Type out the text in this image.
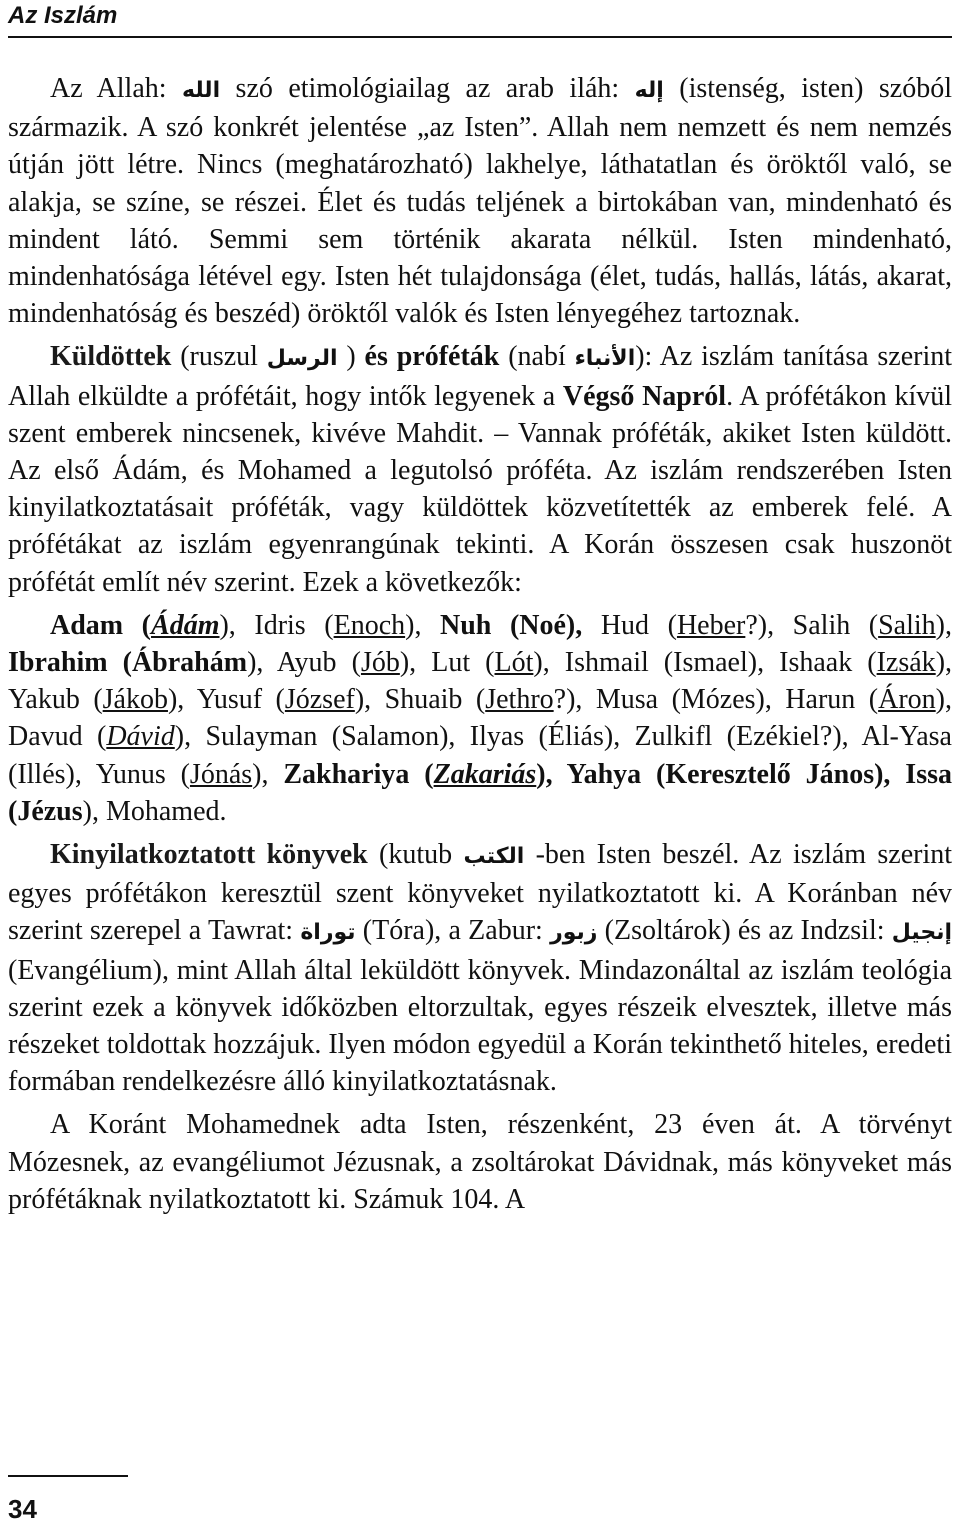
Az Iszlám

Az Allah: الله szó etimológiailag az arab iláh: إله (istenség, isten) szóból származik. A szó konkrét jelentése „az Isten”. Allah nem nemzett és nem nemzés útján jött létre. Nincs (meghatározható) lakhelye, láthatatlan és öröktől való, se alakja, se színe, se részei. Élet és tudás teljének a birtokában van, mindenható és mindent látó. Semmi sem történik akarata nélkül. Isten mindenható, mindenhatósága létével egy. Isten hét tulajdonsága (élet, tudás, hallás, látás, akarat, mindenhatóság és beszéd) öröktől valók és Isten lényegéhez tartoznak.

Küldöttek (ruszul الرسل ) és próféták (nabí الأنباء): Az iszlám tanítása szerint Allah elküldte a prófétáit, hogy intők legyenek a Végső Napról. A prófétákon kívül szent emberek nincsenek, kivéve Mahdit. – Vannak próféták, akiket Isten küldött. Az első Ádám, és Mohamed a legutolsó próféta. Az iszlám rendszerében Isten kinyilatkoztatásait próféták, vagy küldöttek közvetítették az emberek felé. A prófétákat az iszlám egyenrangúnak tekinti. A Korán összesen csak huszonöt prófétát említ név szerint. Ezek a következők:

Adam (Ádám), Idris (Enoch), Nuh (Noé), Hud (Heber?), Salih (Salih), Ibrahim (Ábrahám), Ayub (Jób), Lut (Lót), Ishmail (Ismael), Ishaak (Izsák), Yakub (Jákob), Yusuf (József), Shuaib (Jethro?), Musa (Mózes), Harun (Áron), Davud (Dávid), Sulayman (Salamon), Ilyas (Éliás), Zulkifl (Ezékiel?), Al-Yasa (Illés), Yunus (Jónás), Zakhariya (Zakariás), Yahya (Keresztelő János), Issa (Jézus), Mohamed.

Kinyilatkoztatott könyvek (kutub الكتب -ben Isten beszél. Az iszlám szerint egyes prófétákon keresztül szent könyveket nyilatkoztatott ki. A Koránban név szerint szerepel a Tawrat: توراة (Tóra), a Zabur: زبور (Zsoltárok) és az Indzsil: إنجيل (Evangélium), mint Allah által leküldött könyvek. Mindazonáltal az iszlám teológia szerint ezek a könyvek időközben eltorzultak, egyes részeik elvesztek, illetve más részeket toldottak hozzájuk. Ilyen módon egyedül a Korán tekinthető hiteles, eredeti formában rendelkezésre álló kinyilatkoztatásnak.

A Koránt Mohamednek adta Isten, részenként, 23 éven át. A törvényt Mózesnek, az evangéliumot Jézusnak, a zsoltárokat Dávidnak, más könyveket más prófétáknak nyilatkoztatott ki. Számuk 104. A

34
